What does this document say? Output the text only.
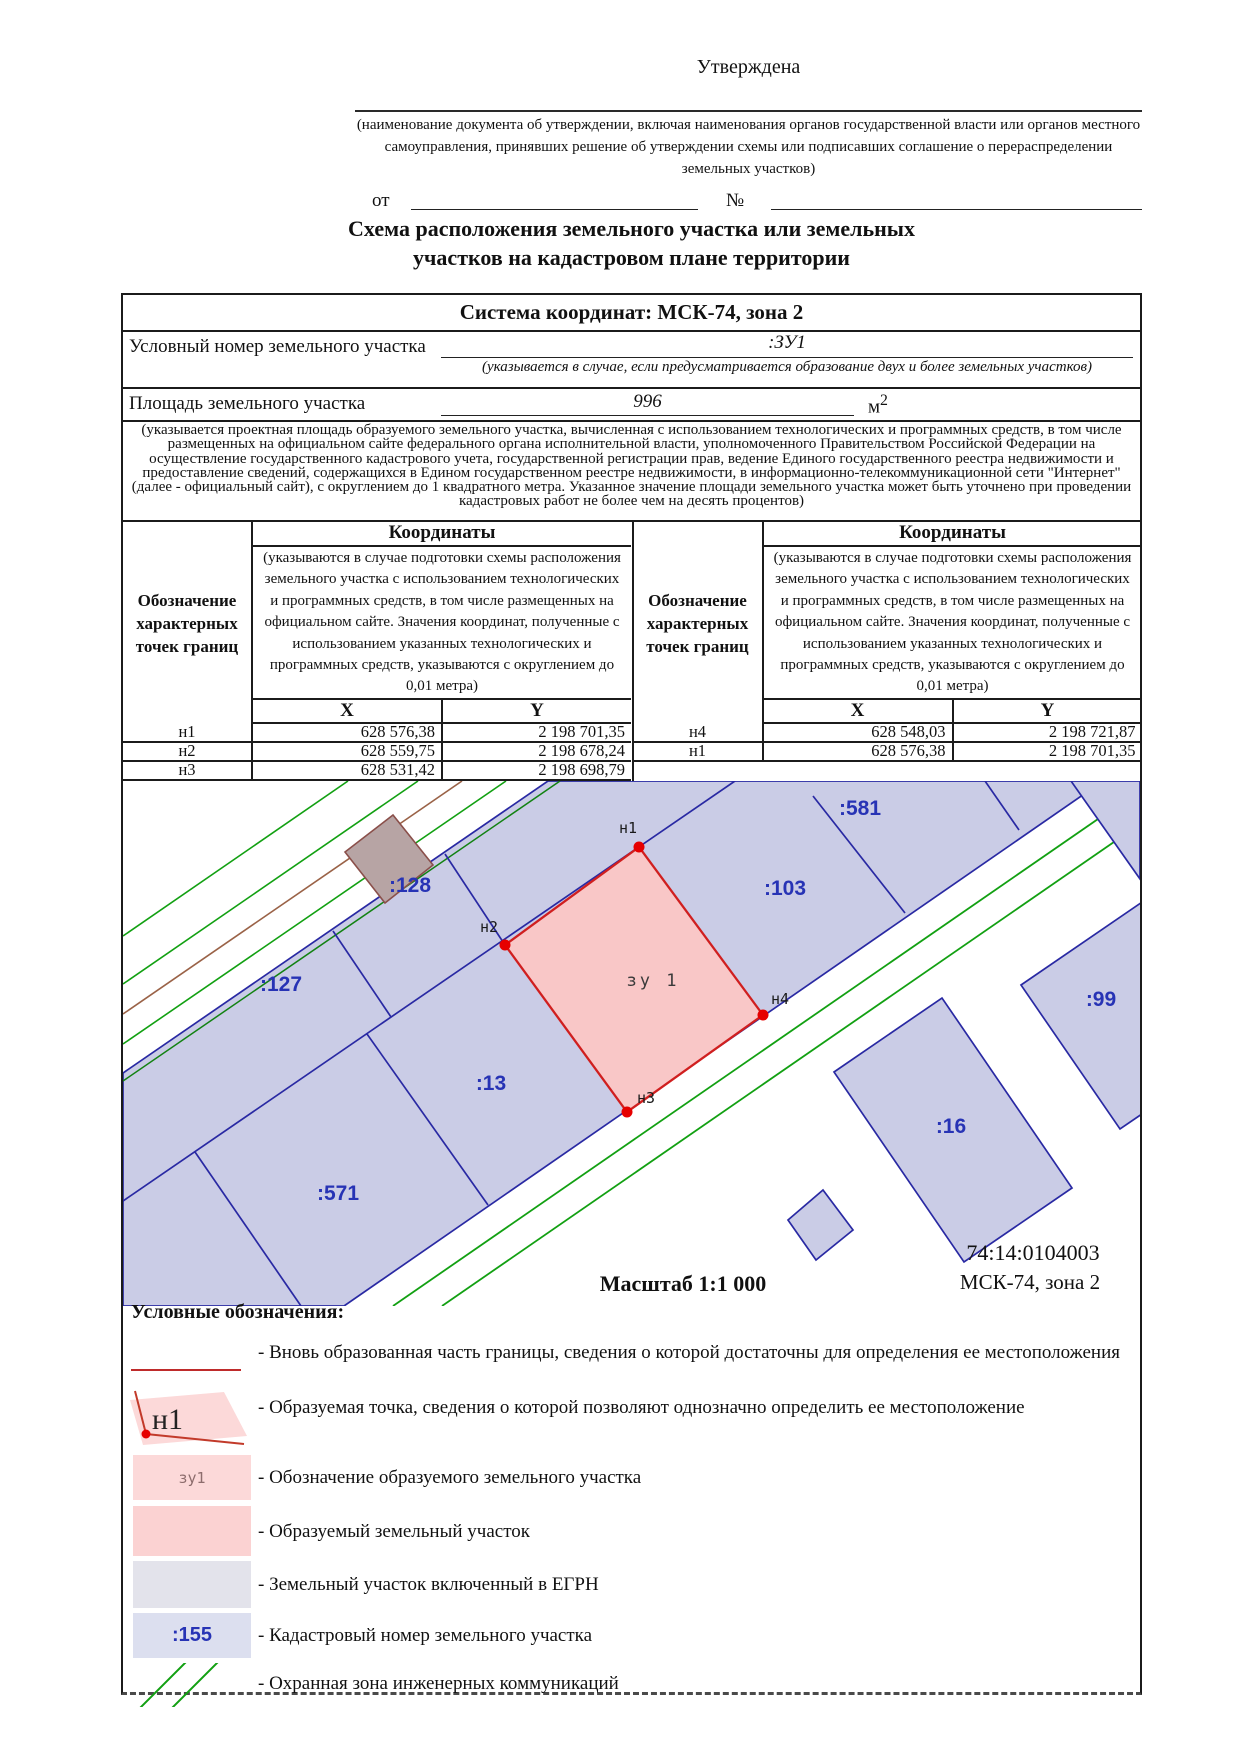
Утверждена
(наименование документа об утверждении, включая наименования органов государственной власти или органов местного самоуправления, принявших решение об утверждении схемы или подписавших соглашение о перераспределении земельных участков)
от	№
Схема расположения земельного участка или земельных
участков на кадастровом плане территории
Система координат: МСК-74, зона 2
Условный номер земельного участка	:ЗУ1
(указывается в случае, если предусматривается образование двух и более земельных участков)
Площадь земельного участка	996	$м^2$
(указывается проектная площадь образуемого земельного участка, вычисленная с использованием технологических и программных средств, в том числе размещенных на официальном сайте федерального органа исполнительной власти, уполномоченного Правительством Российской Федерации на осуществление государственного кадастрового учета, государственной регистрации прав, ведение Единого государственного реестра недвижимости и предоставление сведений, содержащихся в Едином государственном реестре недвижимости, в информационно-телекоммуникационной сети "Интернет" (далее - официальный сайт), с округлением до 1 квадратного метра. Указанное значение площади земельного участка может быть уточнено при проведении кадастровых работ не более чем на десять процентов)
Обозначение характерных точек границ
Координаты
(указываются в случае подготовки схемы расположения земельного участка с использованием технологических и программных средств, в том числе размещенных на официальном сайте. Значения координат, полученные с использованием указанных технологических и программных средств, указываются с округлением до 0,01 метра)
X	Y
н1	628 576,38	2 198 701,35
н2	628 559,75	2 198 678,24
н3	628 531,42	2 198 698,79
Обозначение характерных точек границ
Координаты
(указываются в случае подготовки схемы расположения земельного участка с использованием технологических и программных средств, в том числе размещенных на официальном сайте. Значения координат, полученные с использованием указанных технологических и программных средств, указываются с округлением до 0,01 метра)
X	Y
н4	628 548,03	2 198 721,87
н1	628 576,38	2 198 701,35
:128
:127
:13
:571
:581
:103
:99
:16
н1
н2
н3
н4
зу 1
Масштаб 1:1 000
74:14:0104003
МСК-74, зона 2
Условные обозначения:
- Вновь образованная часть границы, сведения о которой достаточны для определения ее местоположения
н1	- Образуемая точка, сведения о которой позволяют однозначно определить ее местоположение
зу1	- Обозначение образуемого земельного участка
- Образуемый земельный участок
- Земельный участок включенный в ЕГРН
:155 - Кадастровый номер земельного участка
- Охранная зона инженерных коммуникаций
